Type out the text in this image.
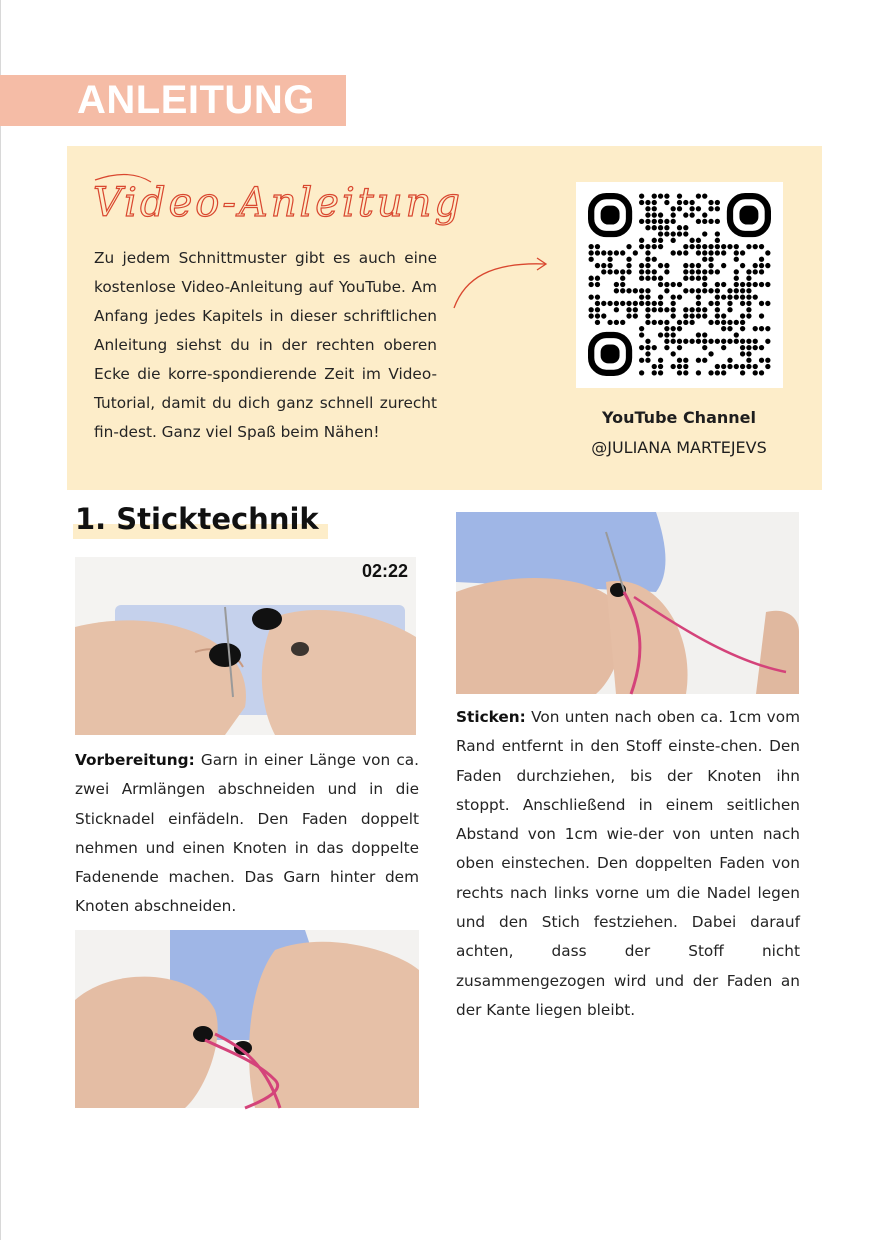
ANLEITUNG
Video-Anleitung
Zu jedem Schnittmuster gibt es auch eine kostenlose Video-Anleitung auf YouTube. Am Anfang jedes Kapitels in dieser schriftlichen Anleitung siehst du in der rechten oberen Ecke die korre-spondierende Zeit im Video-Tutorial, damit du dich ganz schnell zurecht fin-dest. Ganz viel Spaß beim Nähen!
YouTube Channel
@JULIANA MARTEJEVS
1. Sticktechnik
02:22
Vorbereitung: Garn in einer Länge von ca. zwei Armlängen abschneiden und in die Sticknadel einfädeln. Den Faden doppelt nehmen und einen Knoten in das doppelte Fadenende machen. Das Garn hinter dem Knoten abschneiden.
Sticken: Von unten nach oben ca. 1cm vom Rand entfernt in den Stoff einste-chen. Den Faden durchziehen, bis der Knoten ihn stoppt. Anschließend in einem seitlichen Abstand von 1cm wie-der von unten nach oben einstechen. Den doppelten Faden von rechts nach links vorne um die Nadel legen und den Stich festziehen. Dabei darauf achten, dass der Stoff nicht zusammengezogen wird und der Faden an der Kante liegen bleibt.
